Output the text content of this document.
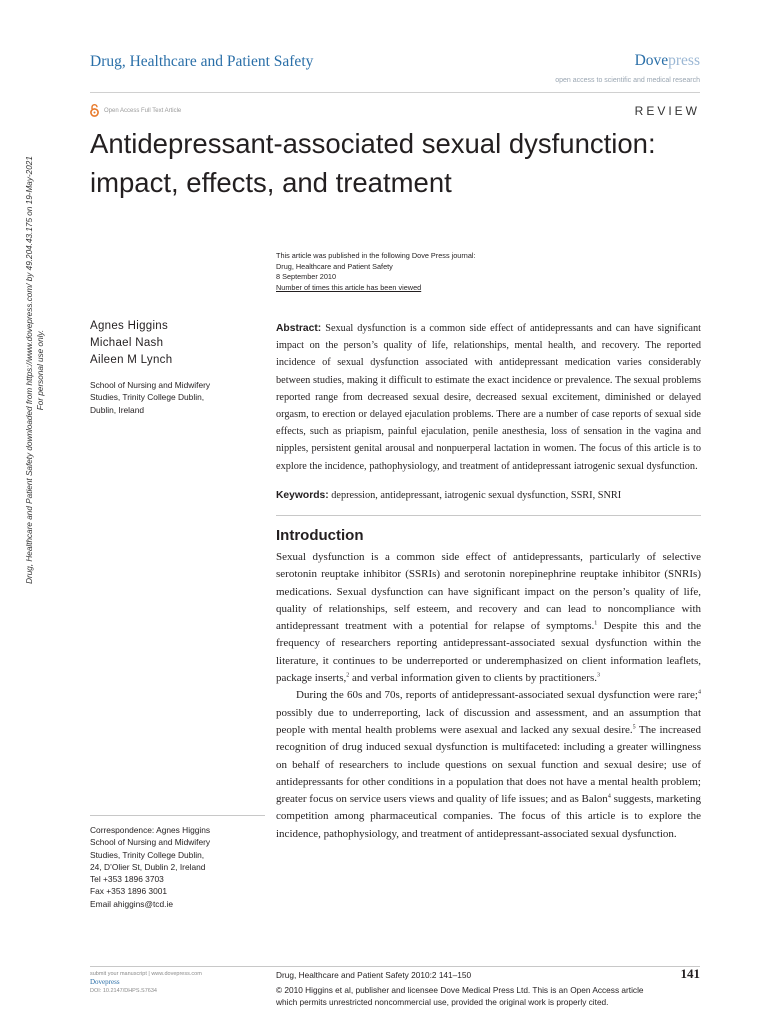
Drug, Healthcare and Patient Safety	Dovepress
open access to scientific and medical research
Open Access Full Text Article	REVIEW
Antidepressant-associated sexual dysfunction:
impact, effects, and treatment
Drug, Healthcare and Patient Safety downloaded from https://www.dovepress.com/ by 49.204.43.175 on 19-May-2021 For personal use only.
This article was published in the following Dove Press journal:
Drug, Healthcare and Patient Safety
8 September 2010
Number of times this article has been viewed
Agnes Higgins
Michael Nash
Aileen M Lynch
School of Nursing and Midwifery
Studies, Trinity College Dublin,
Dublin, Ireland
Abstract: Sexual dysfunction is a common side effect of antidepressants and can have significant impact on the person’s quality of life, relationships, mental health, and recovery. The reported incidence of sexual dysfunction associated with antidepressant medication varies considerably between studies, making it difficult to estimate the exact incidence or prevalence. The sexual problems reported range from decreased sexual desire, decreased sexual excitement, diminished or delayed orgasm, to erection or delayed ejaculation problems. There are a number of case reports of sexual side effects, such as priapism, painful ejaculation, penile anesthesia, loss of sensation in the vagina and nipples, persistent genital arousal and nonpuerperal lactation in women. The focus of this article is to explore the incidence, pathophysiology, and treatment of antidepressant iatrogenic sexual dysfunction.
Keywords: depression, antidepressant, iatrogenic sexual dysfunction, SSRI, SNRI
Introduction

Sexual dysfunction is a common side effect of antidepressants, particularly of selective serotonin reuptake inhibitor (SSRIs) and serotonin norepinephrine reuptake inhibitor (SNRIs) medications. Sexual dysfunction can have significant impact on the person’s quality of life, quality of relationships, self esteem, and recovery and can lead to noncompliance with antidepressant treatment with a potential for relapse of symptoms.$^1$ Despite this and the frequency of researchers reporting antidepressant-associated sexual dysfunction within the literature, it continues to be underreported or underemphasized on client information leaflets, package inserts,$^2$ and verbal information given to clients by practitioners.$^3$

During the 60s and 70s, reports of antidepressant-associated sexual dysfunction were rare;$^4$ possibly due to underreporting, lack of discussion and assessment, and an assumption that people with mental health problems were asexual and lacked any sexual desire.$^5$ The increased recognition of drug induced sexual dysfunction is multifaceted: including a greater willingness on behalf of researchers to include questions on sexual function and sexual desire; use of antidepressants for other conditions in a population that does not have a mental health problem; greater focus on service users views and quality of life issues; and as Balon$^4$ suggests, marketing competition among pharmaceutical companies. The focus of this article is to explore the incidence, pathophysiology, and treatment of antidepressant-associated sexual dysfunction.

Correspondence: Agnes Higgins
School of Nursing and Midwifery
Studies, Trinity College Dublin,
24, D’Olier St, Dublin 2, Ireland
Tel +353 1896 3703
Fax +353 1896 3001
Email ahiggins@tcd.ie
submit your manuscript | www.dovepress.com
Dovepress
DOI: 10.2147/DHPS.S7634
Drug, Healthcare and Patient Safety 2010:2 141–150	141
© 2010 Higgins et al, publisher and licensee Dove Medical Press Ltd. This is an Open Access article
which permits unrestricted noncommercial use, provided the original work is properly cited.
